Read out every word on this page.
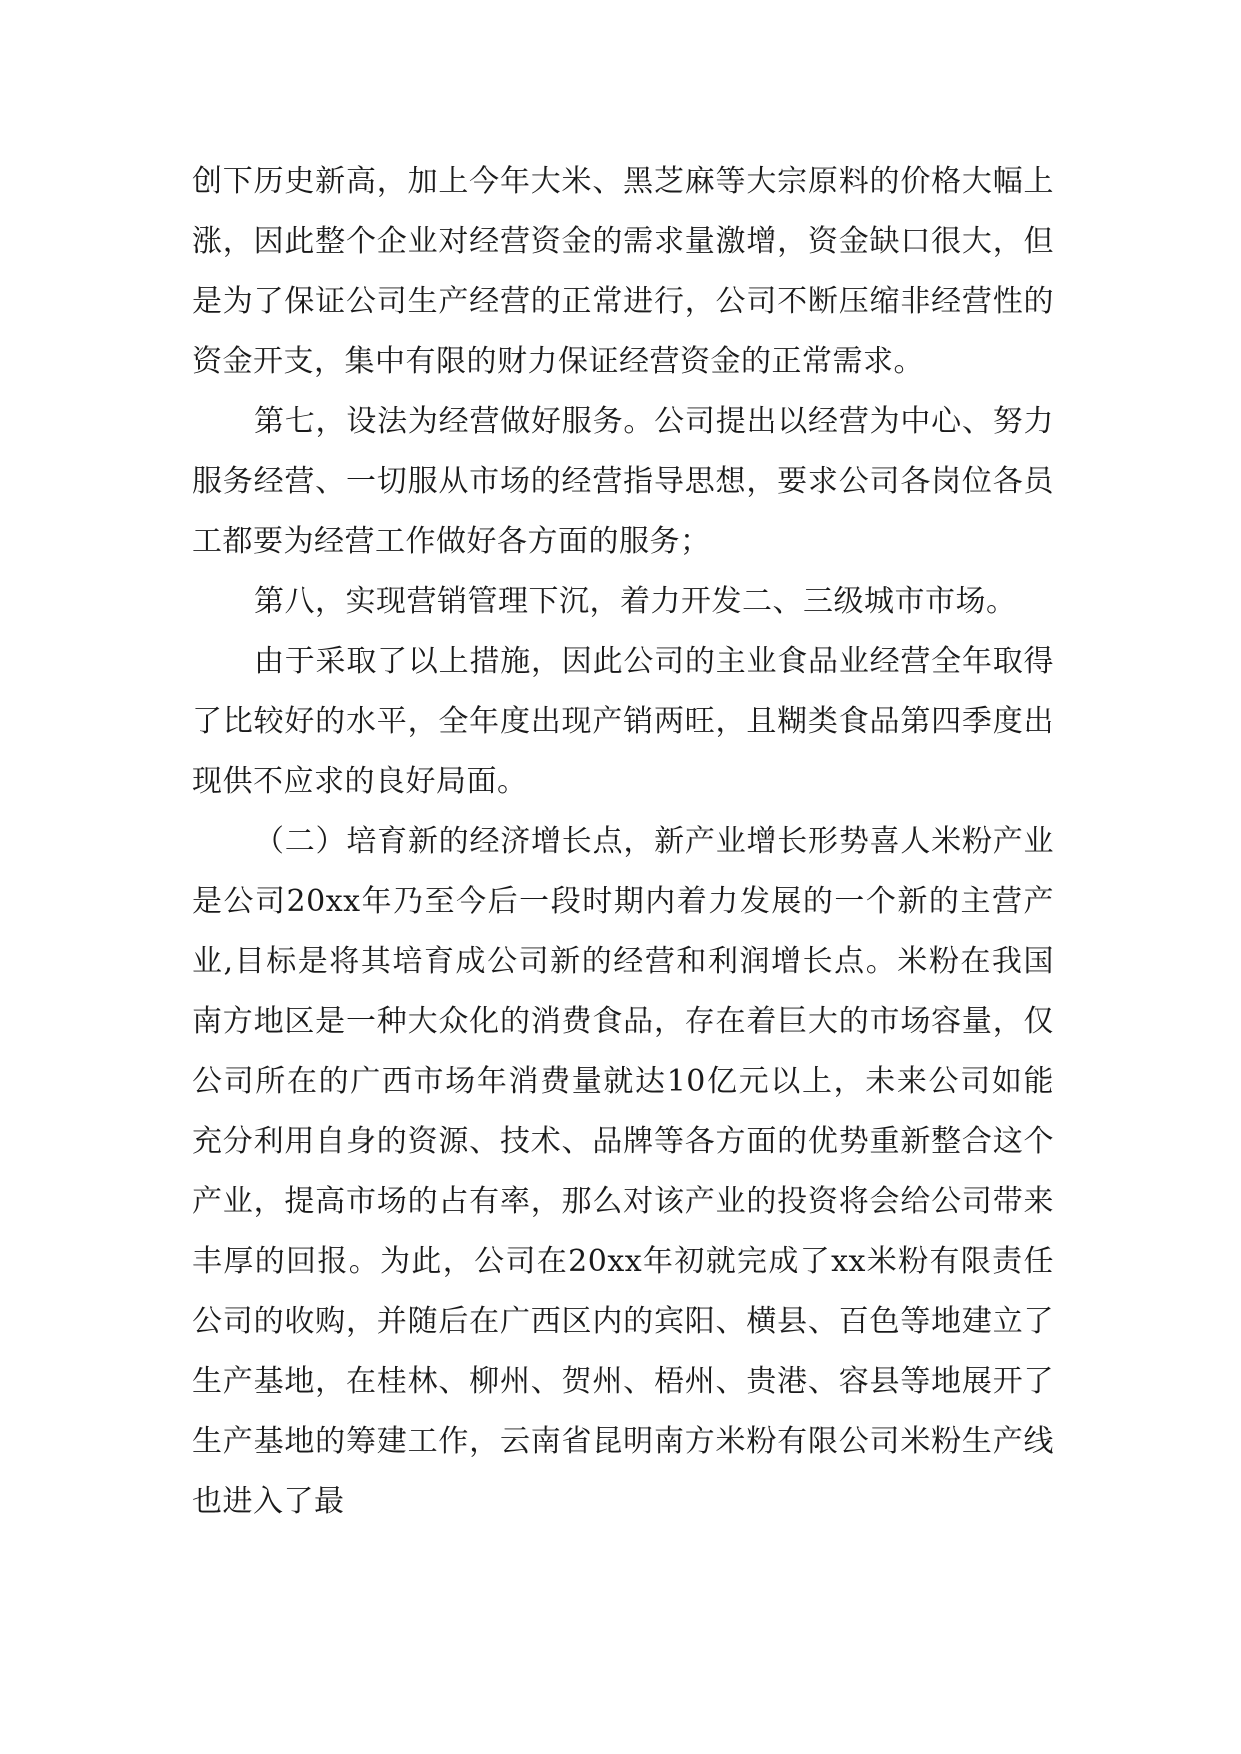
创下历史新高，加上今年大米、黑芝麻等大宗原料的价格大幅上涨，因此整个企业对经营资金的需求量激增，资金缺口很大，但是为了保证公司生产经营的正常进行，公司不断压缩非经营性的资金开支，集中有限的财力保证经营资金的正常需求。

第七，设法为经营做好服务。公司提出以经营为中心、努力服务经营、一切服从市场的经营指导思想，要求公司各岗位各员工都要为经营工作做好各方面的服务；

第八，实现营销管理下沉，着力开发二、三级城市市场。

由于采取了以上措施，因此公司的主业食品业经营全年取得了比较好的水平，全年度出现产销两旺，且糊类食品第四季度出现供不应求的良好局面。

（二）培育新的经济增长点，新产业增长形势喜人米粉产业是公司20xx年乃至今后一段时期内着力发展的一个新的主营产业,目标是将其培育成公司新的经营和利润增长点。米粉在我国南方地区是一种大众化的消费食品，存在着巨大的市场容量，仅公司所在的广西市场年消费量就达10亿元以上，未来公司如能充分利用自身的资源、技术、品牌等各方面的优势重新整合这个产业，提高市场的占有率，那么对该产业的投资将会给公司带来丰厚的回报。为此，公司在20xx年初就完成了xx米粉有限责任公司的收购，并随后在广西区内的宾阳、横县、百色等地建立了生产基地，在桂林、柳州、贺州、梧州、贵港、容县等地展开了生产基地的筹建工作，云南省昆明南方米粉有限公司米粉生产线也进入了最
